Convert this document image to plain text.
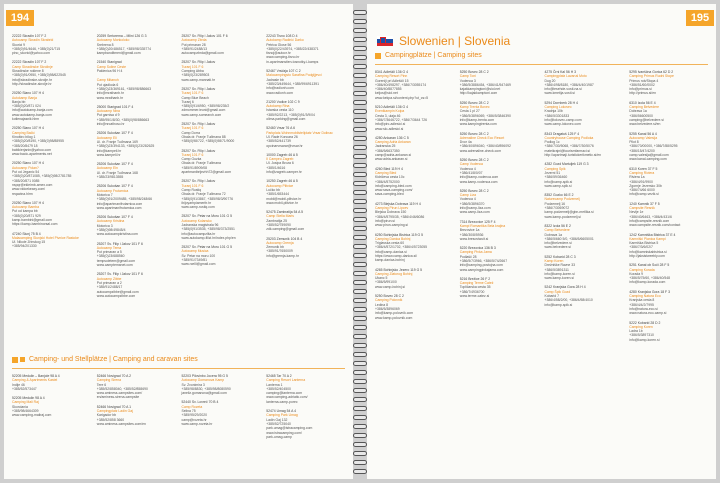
194
22222 Skradin 107 F 2
Autocamp Skradin Skrabrid
Skorici 9
+385(0)91/4646, +385(0)21/715
pino_skorici@yahoo.com
22222 Skradin 107 F 2
Camp Skradinske Skrolinje
Skradinske roklene 8
+385(0)91/0950, +385(0)98/622545
info@skradinske-skrolje.hr
http://skradinske-skrolje.hr
20250 Slano 107 H 4
Autokamp Banja
Banja bb
+385(0)20/871 024
info@autokamp-banja.com
www.autokamp-banja.com
kotlenajasnik.hlrm
20250 Slano 107 H 4
Camping Bačić
Kinoštro bilog 1
+385(0)20/8190, +385(0)98/88955
+385/20/8479 18
babikierjanin@yahoo.com
www.bacic-apartments.net
20250 Slano 107 H 4
Autocamp Polan?
Put od Jeganic 54
+385(0)20/871085, +385(0)98/2781785
+385/20/871 0085
nspqr@ekleimb-amex.com
www.vidoekeaxy.com/
reqactna.hlrm
20250 Slano 107 H 4
Autocamp Bamba
Put od kampa bb
+385(0)20/871 929
kamp.bambini@gmail.com
https://kamp-bambinorsal.com
47240 Slunj 75 B 4
Malacamping Slunjski Hotel Pivnice Rastoke
Ul. Nikole Zrinskog 15
+385/94/201330
20259 Smtorema – Mlini 126 G 3
Autocamp Monkoloko
Srebrena 8
+385(0)20/486517, +385/98/335774
kampbanditmeni@gmail.com
21540 Stanigrad
Camp Soline Ceste
Paklenica 96 H 4
Camp Mitanoh
Put ujadkola 6
+385(0)23/369161, +385/98/886663
info@mrathanb.hr
www.mrathanb.hr
25000 Starigrad 101 F 4
Autocamp Nina
Put garnisa d 9
+385/95/1/8/30, +385(0)98/886663
info@nrcathoso.hr
25206 Sukošan 107 F 4
Autocamp Eli
Ul. dr. Franje Tuđmana 169
+385(0)23/394133, +385(0)23/282625
info@kampeli.hr
www.kampeli.hr
25206 Sukošan 107 F 4
Autocamp Eln
Ul. dr. Franje Tuđmana 168
+385/23/9813555
25206 Sukošan 107 F 4
Autocamp Frutarnica
Motorica 7
+385(0)91/2009485, +385/98/248/66
info@apartmanifrutarnica.com
www.apartmanifrutarnica.com
25206 Sukošan 107 F 4
Autocamp Kristina
Motorica 3
+385(0)98/49845/4
www.autocampkristina.com
25207 Sv. Filip i Jakov 101 F 6
Autocamp Tema
Put primaran a 5
+385(0)23/688560
tempsoletem@gmail.com
www.camptemanet.com
25207 Sv. Filip i Jakov 101 F 6
Autocamp Zibbe
Put primaran a 2
+385/91/2488/17
autocampzibbe@gmail.com
www.autocampzibbe.com
25207 Sv. Filip i Jakov 101 F 6
Autocamp Zbrda
Put primaran 28
+385/91/2488/13
autocampzbrda@gmail.com
25207 Sv. Filip i Jakov
Turanj 101 F 6
Camping Abba
+385(0)23/289503
www.camp-mannati.hr
25207 Sv. Filip i Jakov
Turanj 101 F 6
Camp Blue Beach
Turanj 6
+385(0)91/6950, +385/98/235/2
zdmommer.ieuni@gmail.com
www.camp-somearch.com
25207 Sv. Filip i Jakov
Turanj 101 F 6
Camp Dorra
Obala dr. Franje Tuđmana 88
+385(0)98/722, +385(0)98/71/9000
25207 Sv. Filip i Jakov
Turanj 101 F 6
Camp Guzka
Obala dr. Franje Tuđmana
+385/91/8909/08
apartmanibrijezhh72@gmail.com
25207 Sv. Filip i Jakov
Turanj 101 F 6
Camp Rustiq
Obala dr. Franje Tuđmana 72
+385(0)91/3867, +385/98/3/90776
ibijoyarhpiameritr.hr
www.camp-rustiq.com
25207 Sv. Petar na Moru 101 G 5
Autocamp Kolansko
Jadranska magistrala 96
+385(0)91/3535, +385/98/373/2551
info@autocampzlita.hr
www.autokamp-filizi.hr/index.php/en
25207 Sv. Petar na Moru 101 G 5
Autocamp Musica
Sv. Petar na moru 100
+385/91/7349/81
www.rcelli@gmail.com
22243 Tisno 108 D 4
Autokamp Radinić Darko
Petrica Glose 56
+385(0)22/43974, +385/22/438371
tisnoj@autocr.hr
www.camping-tisno.hr
in-apartmanstien-tosnotky-i-kamps
52467 Vrsi/aja 107 C 2
Malocampingsto Sarafina Podgljjevci
Jadrasle bb
+385/23/449644, +385/99/6911391
info@radionh.com
www.radionh.com
21200 Vodice 102 C 9
Autokamp Rina
Istarska cesta 110
+385/92/2213, +385(0)91/3/9/04
olima.parking@gmail.com
52460 Vrsar 76 A 6
Parkplatz-Wohnmobilstellplatz Vrsar Dolinac
Ul. Rade Koncara 26
+385/52/441739
opcinarvrsarar@vrsar.hr
10000 Zagreb 46 A 5
Il Campeo Zagreb
Ul. Josipa Broza 6
+385/1/4616
info@zagreb-camper.hr
10250 Zagreb 46 A 5
Autocamp Plitvice
Lučko bb
+385/1/653444
mobil@mobil-plitvice.hr
www.mobil-plitvice.hr
52475 Zambratija 54 A 5
Camp Stella Maris
Zambratija 25
+385/52/759090
zdk.camping@gmail.com
25203 Zemunik 104 B 4
Autocamp Gremja
Zemunik bb
+385/91/7650009
info@gremja-kamp.hr
Camping- und Stellplätze | Camping and caravan sites
52205 Medulin – Banjole 98 A 4
Camping & Apartments Kastel
Indije 46
+385/52/573447
52205 Medulin 98 A 4
Camping Mali Raj
Skorciania
+385/98/4664309
www.camping-maliraj.com
52466 Novigrad 70 A 2
Camping Sirena
Tere 6
+385/52/858040, +385/52/858690
www.aminess-campsites.com/
en/aminess-sirena-campsite
52466 Novigrad 70 A 1
Campingplatz Ladin Gaj
Karigador bb
+385/52/858 3660
www.aminess-campsites.com/en
52203 Pilovinbo Jocera 95 G 5
Autocamp Gomanova Kamp
Sv. Zvonimira 3
+385/98/8830, +385/98/8080590
janeliz.gomanova@gmail.com
52440 Sv. Lovreč 70 B 4
Camp Rozeta
Selina 75
+385/95/29/2020
camp@rozeta.hr
www.camp-rozeta.hr
52465 Tar 70 A 2
Camping Resort Lanterna
Lanterna 1
+385/52/404500
camping@lanterna.com
www.camping-adriatic.com/
lanterna-camp-porec
52474 Umag 54 A 4
Camping Park Umag
Ladin Gaj 132
+385/52/725040
park.umag@istracamping.com
www.istracamping.com/
park-umag-camp
195
Slowenien | Slovenia
Campingplätze | Camping sites
8341 Adlešiči 136 G 4
Camping Resort Pinn
Goreniji pri Adlešiči 15
+386/40/498297, +386/7/3055174
+386/40/8877855
keljos@siol.net
www.kekpa.si/content.php?ut_cs=5
5210 Adlešiči 136 G 4
Eventkampin Kolpa
Cesta 3, ulaja 46
+386/7/3646722, +386/7/3644 726
info@pirc-adlesici.si
www.slo-adlesici.si
4280 Ankaran 136 C 5
Camping Adria Ankaran
Jadranska 25
+386/5/6637350
camp@adria-ankaran.si
www.adria-ankaran.si
4260 Bled 119 H 4
Camping Bled
Kidričeva cesta 10c
+386/4/5752000
info@camping-bled.com
www.sava-camping.com/
sava-camping-bled
4273 Blejska Dobrava 119 H 4
Camping Pirun Lipcev
Blejska Dobrava 150
+386/4/5795/35, +386/4/46/6086
info@pirun.si
www.pirun-camping.si
6250 Bohinjska Bistrica 119 G 5
Camping Danica Bohinj
Triglavska cesta 60
+386/4/572/1702, +386/4/5723055
info@camp-danica.si
https://www.camp-danica.si/
kamp-danica-bohinj
4265 Bohinjsko Jezero 119 G 5
Camping Zlatorog Bohinj
Ukanc 5
+386/5/9910/0
www.camp-bohinj.si
5250 Bovec 28 C 2
Camping Polovnik
Ledina 8
+386/5/3896069
info@kamp-polovnik.com
www.kamp-polovnik.com
5250 Bovec 28 C 2
Camp Toni
Vodenca 3
+386/5/3886454, +386/41/547469
kajakkampingtoni@siol.net
http://kajakkamptoni.com
5250 Bovec 28 C 2
Kamp Trenta Bovec
Cesta 1 pl 27
+386/5/3896069, +386/5/3846390
info@kamp-trenta.com
www.kampingtrenta.com
5250 Bovec 28 C 2
Adrenaline Check Eco Resort
Dvor 4a
+386/40/896040, +386/40/896092
www.adrenaline-check.com
5250 Bovec 28 C 2
Camp Vodenca
Vodenca 4
+386/41/8/0/07
info@kamp-vodenca.com
www.kamp-vodenca.com
5250 Bovec 28 C 2
Camp Liza
Vodenca 4
+386/5/3896370
info@camp-liza.com
www.camp-liza.com
7314 Brezovice 125 F 4
Kampi Romantika Bela krajina
Brezovice 1a
+386/30/8/5936
www.bresoviwuit.si
5220 Brezovica 136 B 3
Camping Pivka Jama
Podlašč 28
+386/5/7/3966, +386/5/74/2667
info@camping-postojna.com
www.campingpivkajama.com
5216 Brežice 26 F 2
Camping Terme Čatež
Topličarska cesta 35
+386/7/4936700
www.terme-catez.si
4275 Črni Kal 56 H 3
Campingplatz Lazaruš Moto
Dug 20
+386/4/98/8180, +386/4/40/1987
info@lesehde-vosti-na.si
www.kmetija-vosti.si
5294 Dornberk 28 H 4
Camping Lokovec
Kradnja 10b
+386/5/3301833
info@lokovec-camp.com
www.camp-lokovec.com
8343 Dragatuš 125 F 4
Countryhouse Camping Podloka
Podlog 1c
+386/7/30/5068, +386/7/30/5076
mateikrajni@tourismfarmaci.si
http://apartmaji.turistickerikmetic.si/en
4282 Gozd Martuljek 119 G 3
Camping Spik
Jezerni 51
+386/59/36460
info@camp-spik.si
www.camp-spik.si
8352 Gozko 66 E 2
Naturecamp Podzemelj
Podzemelj 16
+386/7/3069072
kamp.podzemelj@gbn-metlika.si
www.kamp-podzemelj.si
8322 Izola 56 E 2
Camp Belvedere
Dobrava 1a
+386/5/660 5/0, +386/5/6605001
info@belvedere.si
www.belvedere.si
5252 Kobarid 28 C 3
Kamp Koren
Drežniške Ravne 33
+386/5/3891311
info@kamp-koren.si
www.kamp-koren.si
5242 Kranjska Gora 28 H 4
Camp Špik Gozd
Kobarid 7
+386/4/58/2/00, +386/4/58/4010
info@kamp-spik.si
5295 Ivanščna Gorica 62 D 2
Camping Primus Rudni Stope
Primus rob/Stopa 4
+386/51/60/0002
info@primus.si
http://primus.si/en
6310 Izola 56 E 4
Camping Belvedere
Dobrava 1a
+386/56600500
camping@belvedere.si
www.belvedere.si/en
5255 Kanal 56 A 4
Autocamp Valesija
Pilot 8
+386/70/00000, +386/7/88/5295
+386/15/47/4200
camp.valesija@gmail.com
www.kanal-camping.com
6310 Koren 37 F 5
Camping Riviera
Riviera 1a
+386/4/91/9900
Zgornje Jezersko 30b
+386/74/66 6000
info@camp-vezik.si
1240 Kamnik 37 F 5
Campsite Resnik
Nevlje 1e
+386/40/6463, +386/4/431/6
info@campsite-resnik.com
www.campsite-resnik.com/contact
1242 Kamniška Bistrica 37 E 4
Kamniški Planica Kampi
Karmiška Bistrica 5
+386/7/3/6/02/7
info@kamniskabistrica.si
http://jaksistweebly.com
5251 Kanal ob Soči 28 F 5
Camping Korada
Korada 9
+386/5/75/60, +386/40/548
info@kamp-korada.com
4280 Kranjska Gora 18 F 3
Camping Natura Eco
Kranjska cesta 8
+386/4/4/2/7995
info@natura-eco.si
www.natura-eco-camp.si
5222 Kobarid 28 D 2
Camping Koren
Ladra 1b
+386/5/3897310
info@kamp-koren.si
